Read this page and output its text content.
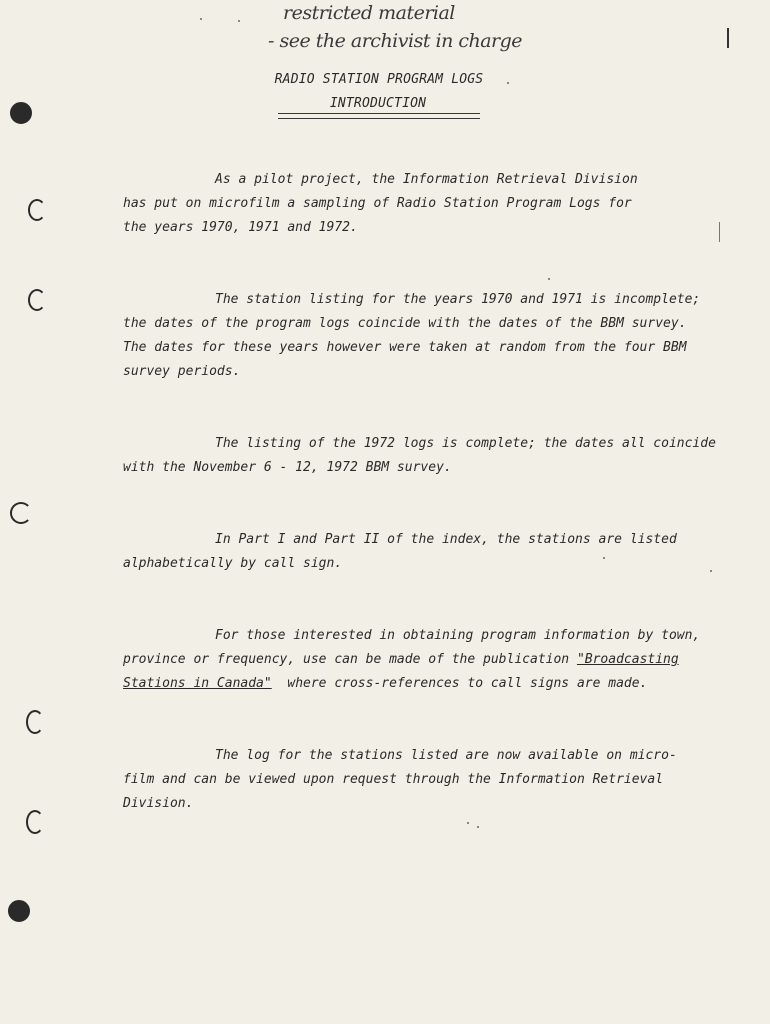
restricted material
- see the archivist in charge
RADIO STATION PROGRAM LOGS
INTRODUCTION

As a pilot project, the Information Retrieval Division
has put on microfilm a sampling of Radio Station Program Logs for
the years 1970, 1971 and 1972.

The station listing for the years 1970 and 1971 is incomplete;
the dates of the program logs coincide with the dates of the BBM survey.
The dates for these years however were taken at random from the four BBM
survey periods.

The listing of the 1972 logs is complete; the dates all coincide
with the November 6 - 12, 1972 BBM survey.

In Part I and Part II of the index, the stations are listed
alphabetically by call sign.

For those interested in obtaining program information by town,
province or frequency, use can be made of the publication "Broadcasting
Stations in Canada"  where cross-references to call signs are made.

The log for the stations listed are now available on micro-
film and can be viewed upon request through the Information Retrieval
Division.
